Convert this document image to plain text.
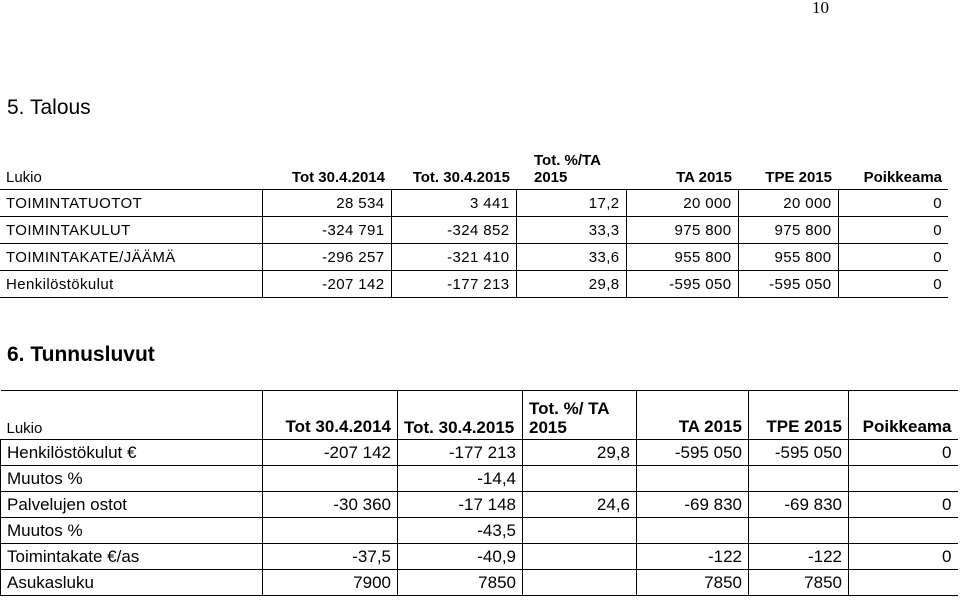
10
5. Talous
Lukio	Tot 30.4.2014	Tot. 30.4.2015	Tot. %/TA 2015	TA 2015	TPE 2015	Poikkeama
TOIMINTATUOTOT	28 534	3 441	17,2	20 000	20 000	0
TOIMINTAKULUT	-324 791	-324 852	33,3	975 800	975 800	0
TOIMINTAKATE/JÄÄMÄ	-296 257	-321 410	33,6	955 800	955 800	0
Henkilöstökulut	-207 142	-177 213	29,8	-595 050	-595 050	0
6. Tunnusluvut
Lukio	Tot 30.4.2014	Tot. 30.4.2015	Tot. %/ TA 2015	TA 2015	TPE 2015	Poikkeama
Henkilöstökulut €	-207 142	-177 213	29,8	-595 050	-595 050	0
Muutos %		-14,4				
Palvelujen ostot	-30 360	-17 148	24,6	-69 830	-69 830	0
Muutos %		-43,5				
Toimintakate €/as	-37,5	-40,9		-122	-122	0
Asukasluku	7900	7850		7850	7850	
